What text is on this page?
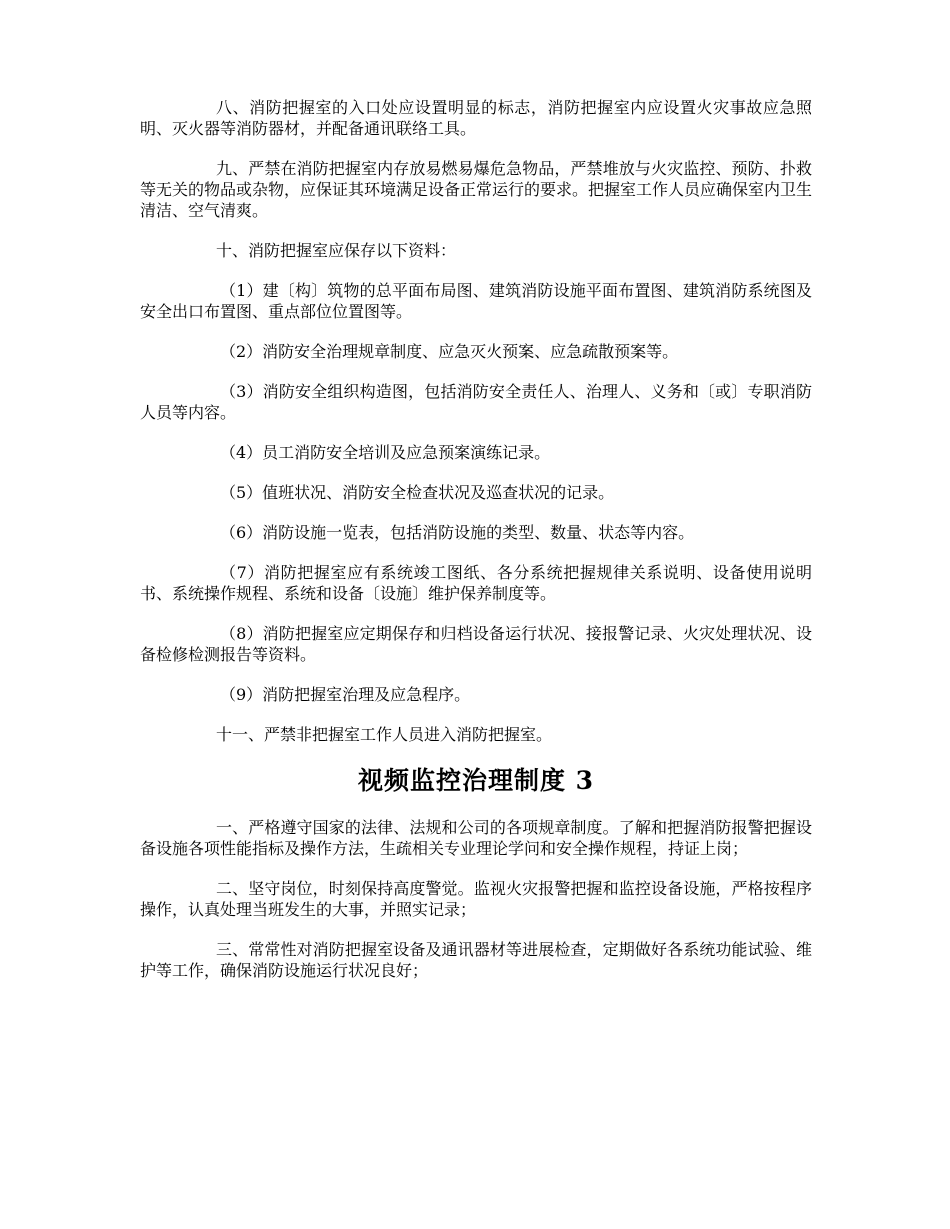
八、消防把握室的入口处应设置明显的标志，消防把握室内应设置火灾事故应急照明、灭火器等消防器材，并配备通讯联络工具。

九、严禁在消防把握室内存放易燃易爆危急物品，严禁堆放与火灾监控、预防、扑救等无关的物品或杂物，应保证其环境满足设备正常运行的要求。把握室工作人员应确保室内卫生清洁、空气清爽。

十、消防把握室应保存以下资料：

（1）建〔构〕筑物的总平面布局图、建筑消防设施平面布置图、建筑消防系统图及安全出口布置图、重点部位位置图等。

（2）消防安全治理规章制度、应急灭火预案、应急疏散预案等。

（3）消防安全组织构造图，包括消防安全责任人、治理人、义务和〔或〕专职消防人员等内容。

（4）员工消防安全培训及应急预案演练记录。

（5）值班状况、消防安全检查状况及巡查状况的记录。

（6）消防设施一览表，包括消防设施的类型、数量、状态等内容。

（7）消防把握室应有系统竣工图纸、各分系统把握规律关系说明、设备使用说明书、系统操作规程、系统和设备〔设施〕维护保养制度等。

（8）消防把握室应定期保存和归档设备运行状况、接报警记录、火灾处理状况、设备检修检测报告等资料。

（9）消防把握室治理及应急程序。

十一、严禁非把握室工作人员进入消防把握室。

视频监控治理制度 3

一、严格遵守国家的法律、法规和公司的各项规章制度。了解和把握消防报警把握设备设施各项性能指标及操作方法，生疏相关专业理论学问和安全操作规程，持证上岗；

二、坚守岗位，时刻保持高度警觉。监视火灾报警把握和监控设备设施，严格按程序操作，认真处理当班发生的大事，并照实记录；

三、常常性对消防把握室设备及通讯器材等进展检查，定期做好各系统功能试验、维护等工作，确保消防设施运行状况良好；
